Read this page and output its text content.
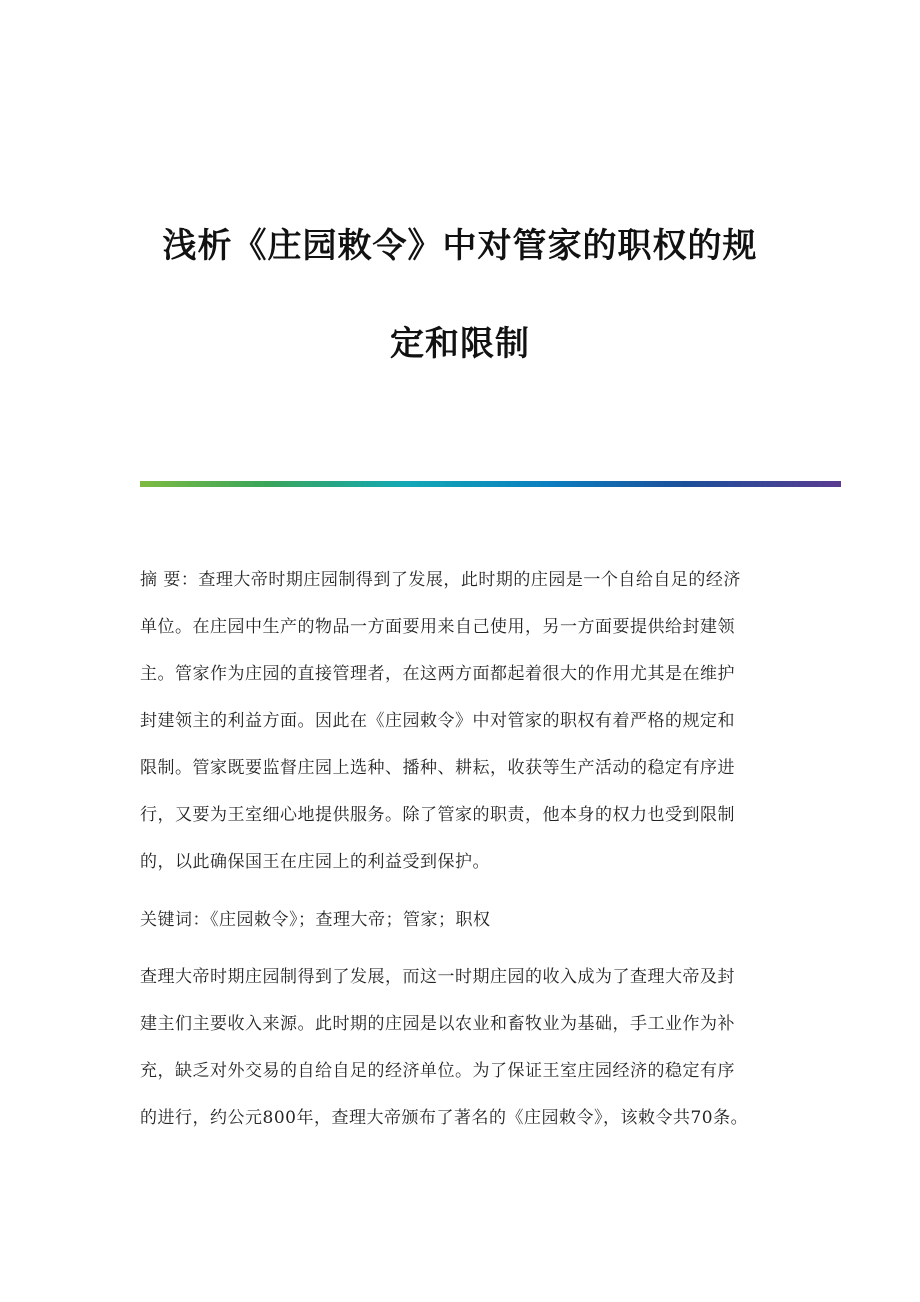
浅析《庄园敕令》中对管家的职权的规
定和限制
摘 要：查理大帝时期庄园制得到了发展，此时期的庄园是一个自给自足的经济
单位。在庄园中生产的物品一方面要用来自己使用，另一方面要提供给封建领
主。管家作为庄园的直接管理者，在这两方面都起着很大的作用尤其是在维护
封建领主的利益方面。因此在《庄园敕令》中对管家的职权有着严格的规定和
限制。管家既要监督庄园上选种、播种、耕耘，收获等生产活动的稳定有序进
行，又要为王室细心地提供服务。除了管家的职责，他本身的权力也受到限制
的，以此确保国王在庄园上的利益受到保护。
关键词：《庄园敕令》；查理大帝；管家；职权
查理大帝时期庄园制得到了发展，而这一时期庄园的收入成为了查理大帝及封
建主们主要收入来源。此时期的庄园是以农业和畜牧业为基础，手工业作为补
充，缺乏对外交易的自给自足的经济单位。为了保证王室庄园经济的稳定有序
的进行，约公元800年，查理大帝颁布了著名的《庄园敕令》，该敕令共70条。
